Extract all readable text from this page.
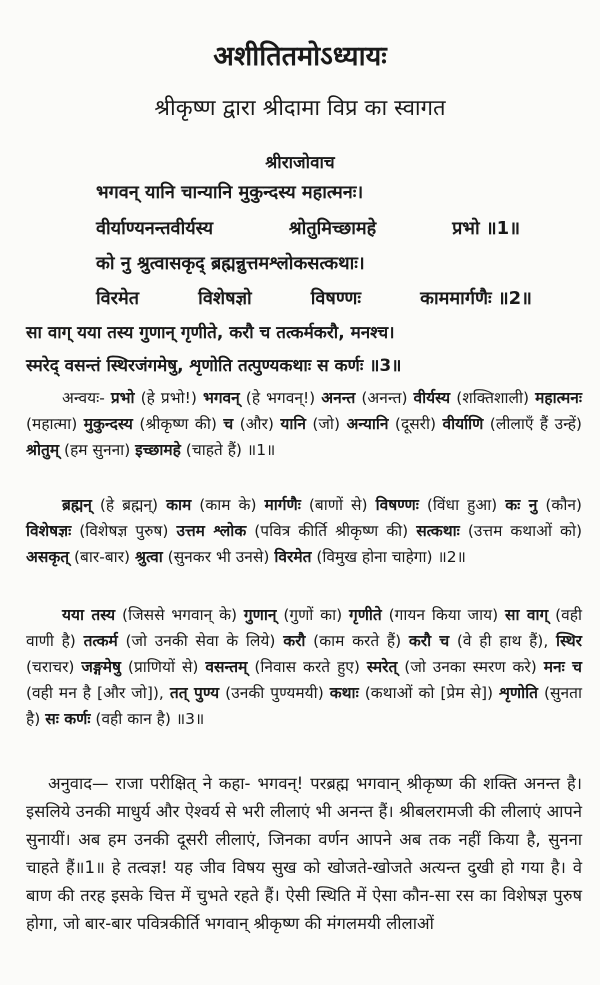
अशीतितमोऽध्यायः
श्रीकृष्ण द्वारा श्रीदामा विप्र का स्वागत
श्रीराजोवाच
भगवन् यानि चान्यानि मुकुन्दस्य महात्मनः।
वीर्याण्यनन्तवीर्यस्य	श्रोतुमिच्छामहे	प्रभो ॥1॥
को नु श्रुत्वासकृद् ब्रह्मन्नुत्तमश्लोकसत्कथाः।
विरमेत	विशेषज्ञो	विषण्णः	काममार्गणैः ॥2॥
सा वाग् यया तस्य गुणान् गृणीते, करौ च तत्कर्मकरौ, मनश्च।
स्मरेद् वसन्तं स्थिरजंगमेषु, शृणोति तत्पुण्यकथाः स कर्णः ॥3॥
अन्वयः- प्रभो (हे प्रभो!) भगवन् (हे भगवन्!) अनन्त (अनन्त) वीर्यस्य (शक्तिशाली) महात्मनः (महात्मा) मुकुन्दस्य (श्रीकृष्ण की) च (और) यानि (जो) अन्यानि (दूसरी) वीर्याणि (लीलाएँ हैं उन्हें) श्रोतुम् (हम सुनना) इच्छामहे (चाहते हैं) ॥1॥
ब्रह्मन् (हे ब्रह्मन्) काम (काम के) मार्गणैः (बाणों से) विषण्णः (विंधा हुआ) कः नु (कौन) विशेषज्ञः (विशेषज्ञ पुरुष) उत्तम श्लोक (पवित्र कीर्ति श्रीकृष्ण की) सत्कथाः (उत्तम कथाओं को) असकृत् (बार-बार) श्रुत्वा (सुनकर भी उनसे) विरमेत (विमुख होना चाहेगा) ॥2॥
यया तस्य (जिससे भगवान् के) गुणान् (गुणों का) गृणीते (गायन किया जाय) सा वाग् (वही वाणी है) तत्कर्म (जो उनकी सेवा के लिये) करौ (काम करते हैं) करौ च (वे ही हाथ हैं), स्थिर (चराचर) जङ्गमेषु (प्राणियों से) वसन्तम् (निवास करते हुए) स्मरेत् (जो उनका स्मरण करे) मनः च (वही मन है [और जो]), तत् पुण्य (उनकी पुण्यमयी) कथाः (कथाओं को [प्रेम से]) शृणोति (सुनता है) सः कर्णः (वही कान है) ॥3॥
अनुवाद— राजा परीक्षित् ने कहा- भगवन्! परब्रह्म भगवान् श्रीकृष्ण की शक्ति अनन्त है। इसलिये उनकी माधुर्य और ऐश्वर्य से भरी लीलाएं भी अनन्त हैं। श्रीबलरामजी की लीलाएं आपने सुनायीं। अब हम उनकी दूसरी लीलाएं, जिनका वर्णन आपने अब तक नहीं किया है, सुनना चाहते हैं॥1॥ हे तत्वज्ञ! यह जीव विषय सुख को खोजते-खोजते अत्यन्त दुखी हो गया है। वे बाण की तरह इसके चित्त में चुभते रहते हैं। ऐसी स्थिति में ऐसा कौन-सा रस का विशेषज्ञ पुरुष होगा, जो बार-बार पवित्रकीर्ति भगवान् श्रीकृष्ण की मंगलमयी लीलाओं
